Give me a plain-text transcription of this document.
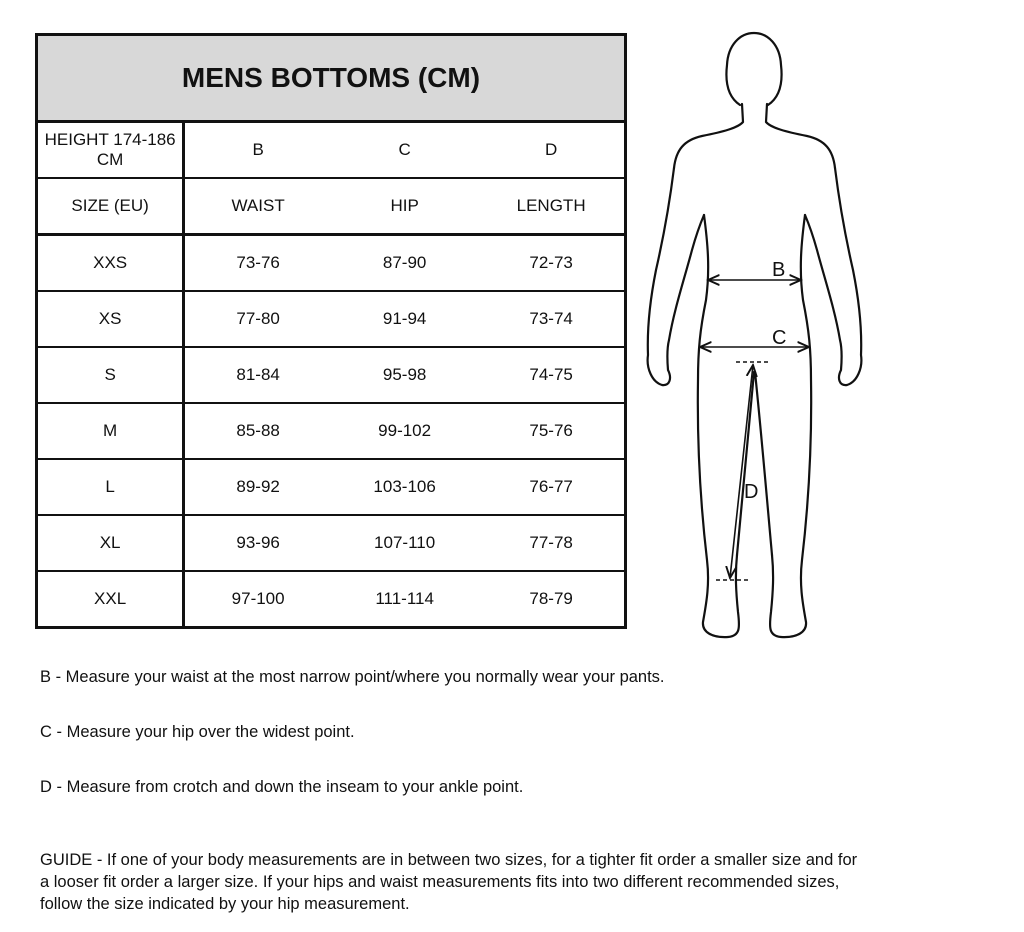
MENS BOTTOMS (CM)			
HEIGHT 174-186 CM	B	C	D
SIZE (EU)	WAIST	HIP	LENGTH
XXS	73-76	87-90	72-73
XS	77-80	91-94	73-74
S	81-84	95-98	74-75
M	85-88	99-102	75-76
L	89-92	103-106	76-77
XL	93-96	107-110	77-78
XXL	97-100	111-114	78-79
B
C
D

B - Measure your waist at the most narrow point/where you normally wear your pants.

C - Measure your hip over the widest point.

D - Measure from crotch and down the inseam to your ankle point.

GUIDE - If one of your body measurements are in between two sizes, for a tighter fit order a smaller size and for a looser fit order a larger size. If your hips and waist measurements fits into two different recommended sizes, follow the size indicated by your hip measurement.
